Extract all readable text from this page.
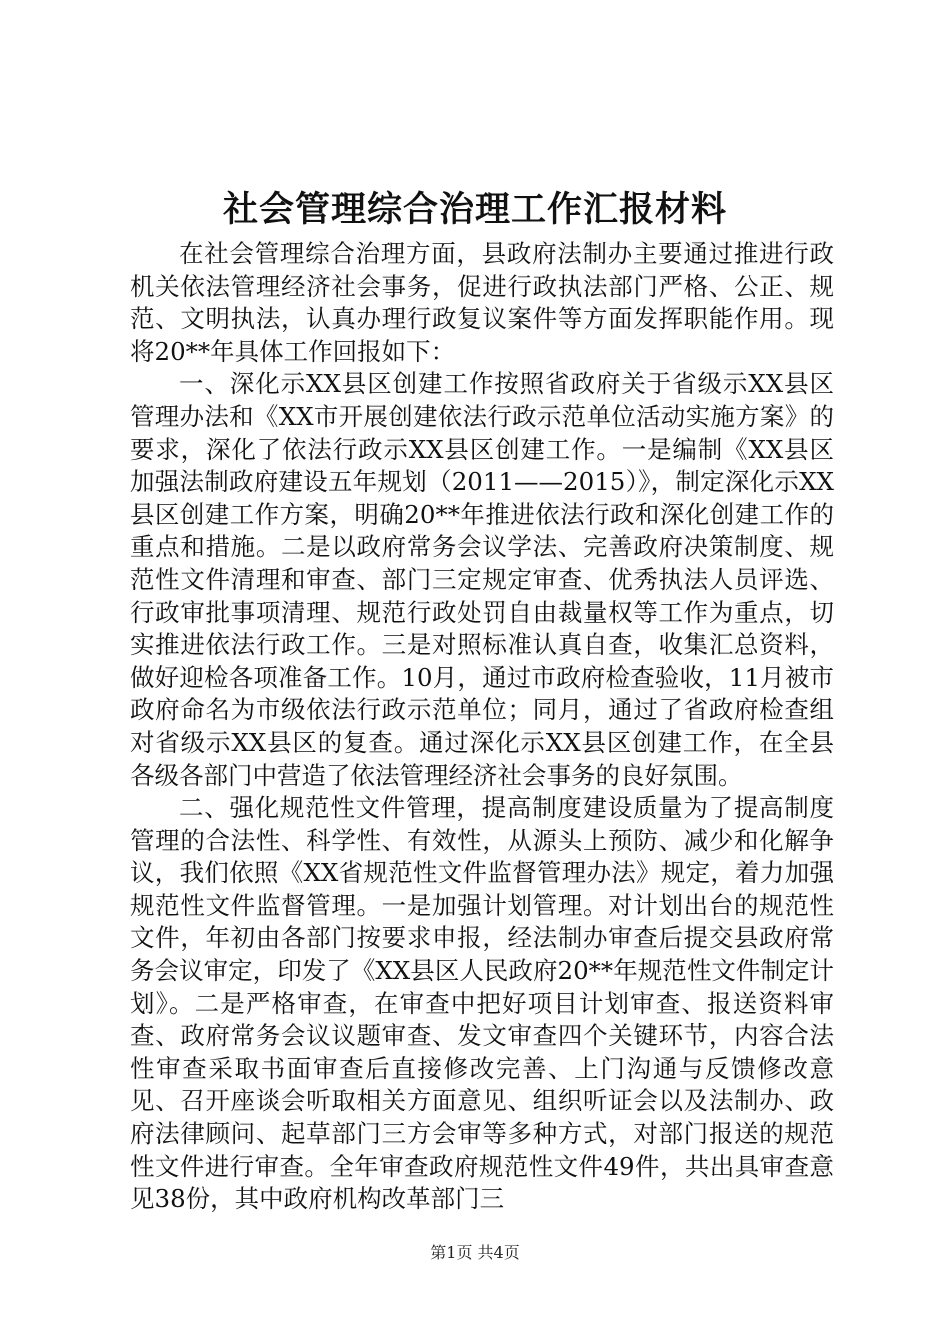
社会管理综合治理工作汇报材料

在社会管理综合治理方面，县政府法制办主要通过推进行政机关依法管理经济社会事务，促进行政执法部门严格、公正、规范、文明执法，认真办理行政复议案件等方面发挥职能作用。现将20**年具体工作回报如下：

一、深化示XX县区创建工作按照省政府关于省级示XX县区管理办法和《XX市开展创建依法行政示范单位活动实施方案》的要求，深化了依法行政示XX县区创建工作。一是编制《XX县区加强法制政府建设五年规划（2011——2015）》，制定深化示XX县区创建工作方案，明确20**年推进依法行政和深化创建工作的重点和措施。二是以政府常务会议学法、完善政府决策制度、规范性文件清理和审查、部门三定规定审查、优秀执法人员评选、行政审批事项清理、规范行政处罚自由裁量权等工作为重点，切实推进依法行政工作。三是对照标准认真自查，收集汇总资料，做好迎检各项准备工作。10月，通过市政府检查验收，11月被市政府命名为市级依法行政示范单位；同月，通过了省政府检查组对省级示XX县区的复查。通过深化示XX县区创建工作，在全县各级各部门中营造了依法管理经济社会事务的良好氛围。

二、强化规范性文件管理，提高制度建设质量为了提高制度管理的合法性、科学性、有效性，从源头上预防、减少和化解争议，我们依照《XX省规范性文件监督管理办法》规定，着力加强规范性文件监督管理。一是加强计划管理。对计划出台的规范性文件，年初由各部门按要求申报，经法制办审查后提交县政府常务会议审定，印发了《XX县区人民政府20**年规范性文件制定计划》。二是严格审查，在审查中把好项目计划审查、报送资料审查、政府常务会议议题审查、发文审查四个关键环节，内容合法性审查采取书面审查后直接修改完善、上门沟通与反馈修改意见、召开座谈会听取相关方面意见、组织听证会以及法制办、政府法律顾问、起草部门三方会审等多种方式，对部门报送的规范性文件进行审查。全年审查政府规范性文件49件，共出具审查意见38份，其中政府机构改革部门三

第1页 共4页
